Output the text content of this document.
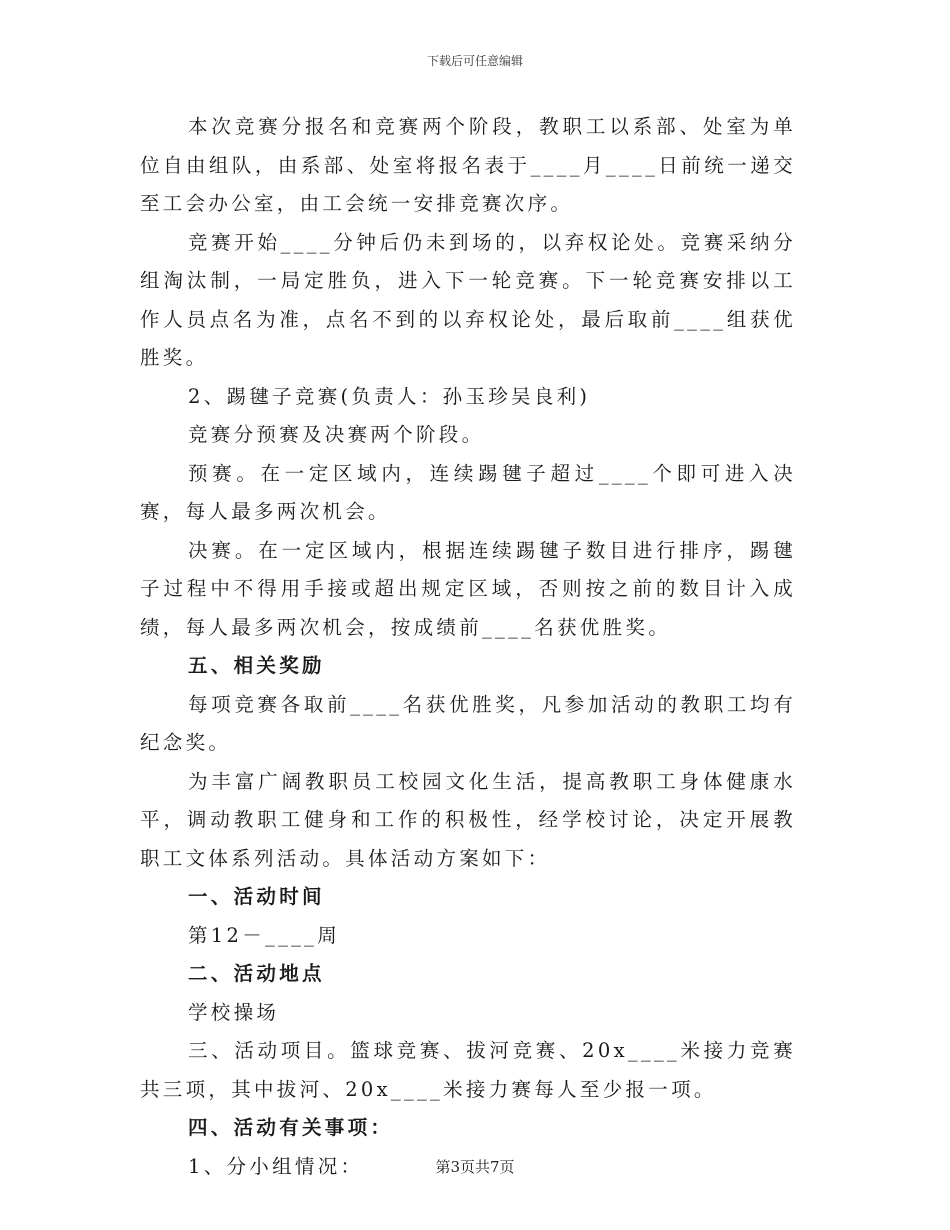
下载后可任意编辑

本次竞赛分报名和竞赛两个阶段，教职工以系部、处室为单位自由组队，由系部、处室将报名表于____月____日前统一递交至工会办公室，由工会统一安排竞赛次序。

竞赛开始____分钟后仍未到场的，以弃权论处。竞赛采纳分组淘汰制，一局定胜负，进入下一轮竞赛。下一轮竞赛安排以工作人员点名为准，点名不到的以弃权论处，最后取前____组获优胜奖。

2、踢毽子竞赛(负责人：孙玉珍吴良利)

竞赛分预赛及决赛两个阶段。

预赛。在一定区域内，连续踢毽子超过____个即可进入决赛，每人最多两次机会。

决赛。在一定区域内，根据连续踢毽子数目进行排序，踢毽子过程中不得用手接或超出规定区域，否则按之前的数目计入成绩，每人最多两次机会，按成绩前____名获优胜奖。

五、相关奖励

每项竞赛各取前____名获优胜奖，凡参加活动的教职工均有纪念奖。

为丰富广阔教职员工校园文化生活，提高教职工身体健康水平，调动教职工健身和工作的积极性，经学校讨论，决定开展教职工文体系列活动。具体活动方案如下：

一、活动时间

第12－____周

二、活动地点

学校操场

三、活动项目。篮球竞赛、拔河竞赛、20x____米接力竞赛共三项，其中拔河、20x____米接力赛每人至少报一项。

四、活动有关事项：

1、分小组情况：	第3页共7页
